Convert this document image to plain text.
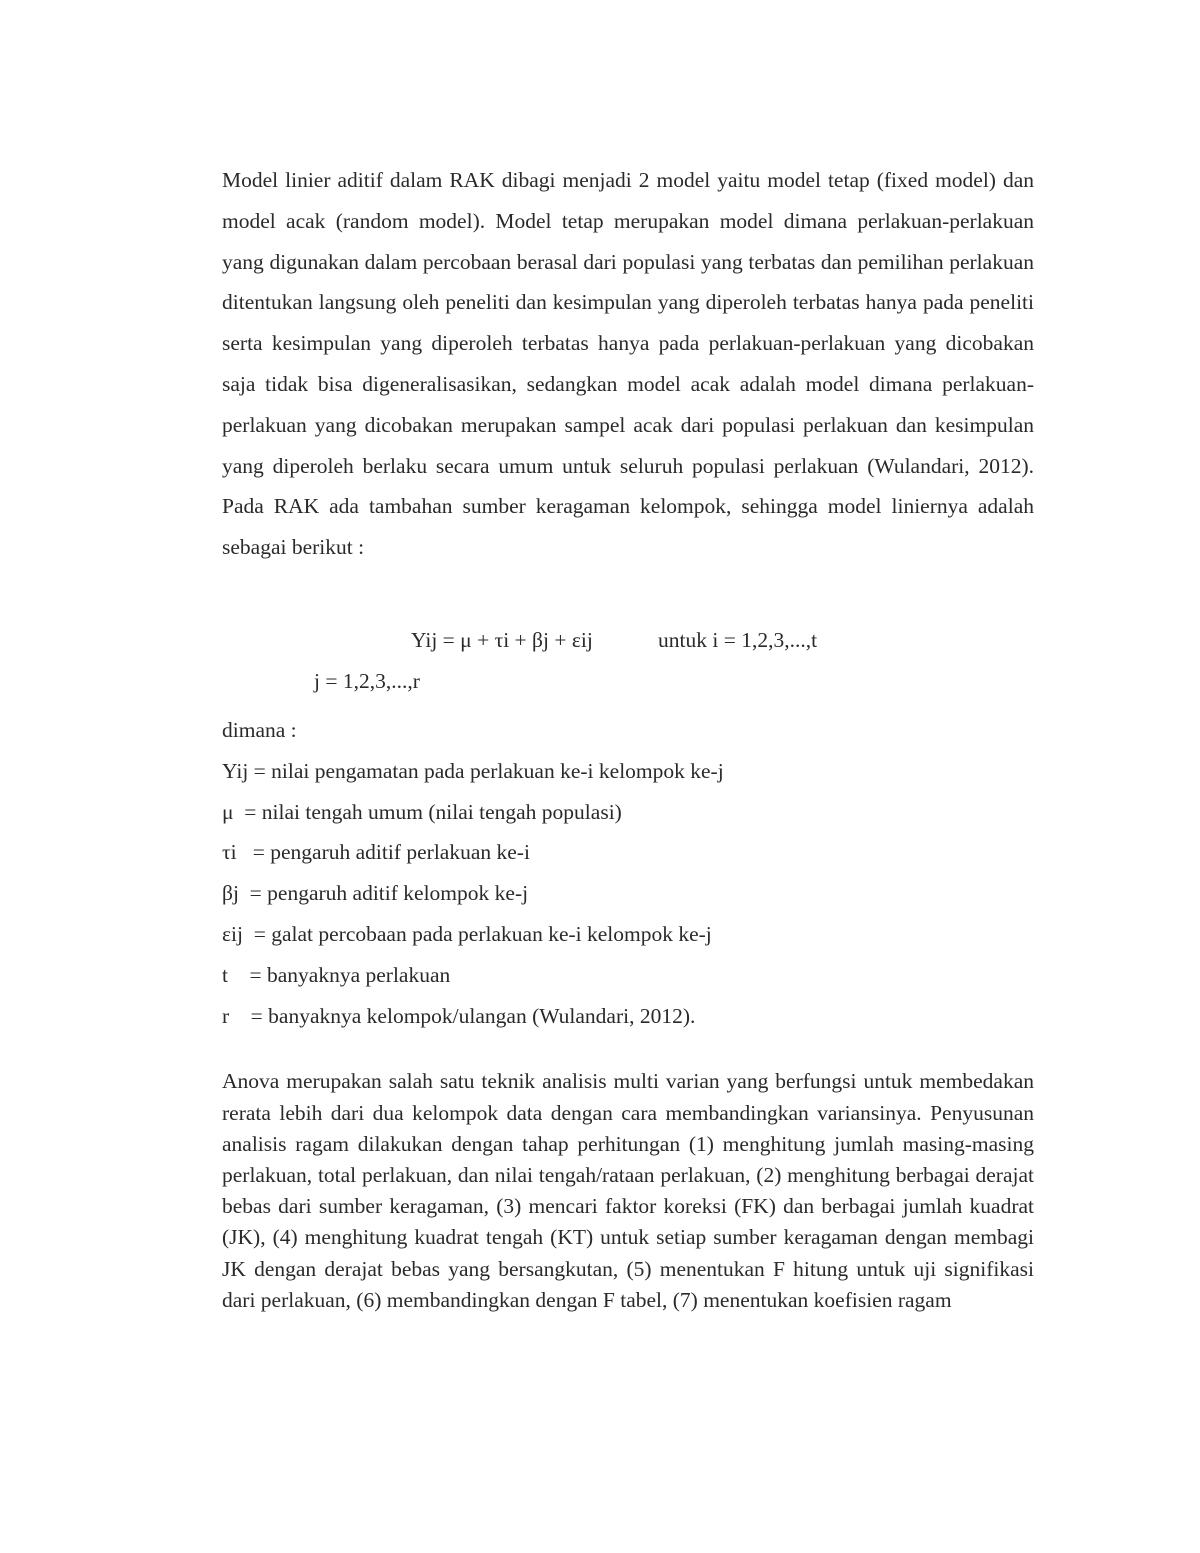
Model linier aditif dalam RAK dibagi menjadi 2 model yaitu model tetap (fixed model) dan model acak (random model). Model tetap merupakan model dimana perlakuan-perlakuan yang digunakan dalam percobaan berasal dari populasi yang terbatas dan pemilihan perlakuan ditentukan langsung oleh peneliti dan kesimpulan yang diperoleh terbatas hanya pada peneliti serta kesimpulan yang diperoleh terbatas hanya pada perlakuan-perlakuan yang dicobakan saja tidak bisa digeneralisasikan, sedangkan model acak adalah model dimana perlakuan-perlakuan yang dicobakan merupakan sampel acak dari populasi perlakuan dan kesimpulan yang diperoleh berlaku secara umum untuk seluruh populasi perlakuan (Wulandari, 2012). Pada RAK ada tambahan sumber keragaman kelompok, sehingga model liniernya adalah sebagai berikut :

Yij = μ + τi + βj + εij	untuk i = 1,2,3,...,t
j = 1,2,3,...,r
dimana :
Yij = nilai pengamatan pada perlakuan ke-i kelompok ke-j
μ = nilai tengah umum (nilai tengah populasi)
τi = pengaruh aditif perlakuan ke-i
βj = pengaruh aditif kelompok ke-j
εij = galat percobaan pada perlakuan ke-i kelompok ke-j
t = banyaknya perlakuan
r = banyaknya kelompok/ulangan (Wulandari, 2012).

Anova merupakan salah satu teknik analisis multi varian yang berfungsi untuk membedakan rerata lebih dari dua kelompok data dengan cara membandingkan variansinya. Penyusunan analisis ragam dilakukan dengan tahap perhitungan (1) menghitung jumlah masing-masing perlakuan, total perlakuan, dan nilai tengah/rataan perlakuan, (2) menghitung berbagai derajat bebas dari sumber keragaman, (3) mencari faktor koreksi (FK) dan berbagai jumlah kuadrat (JK), (4) menghitung kuadrat tengah (KT) untuk setiap sumber keragaman dengan membagi JK dengan derajat bebas yang bersangkutan, (5) menentukan F hitung untuk uji signifikasi dari perlakuan, (6) membandingkan dengan F tabel, (7) menentukan koefisien ragam
